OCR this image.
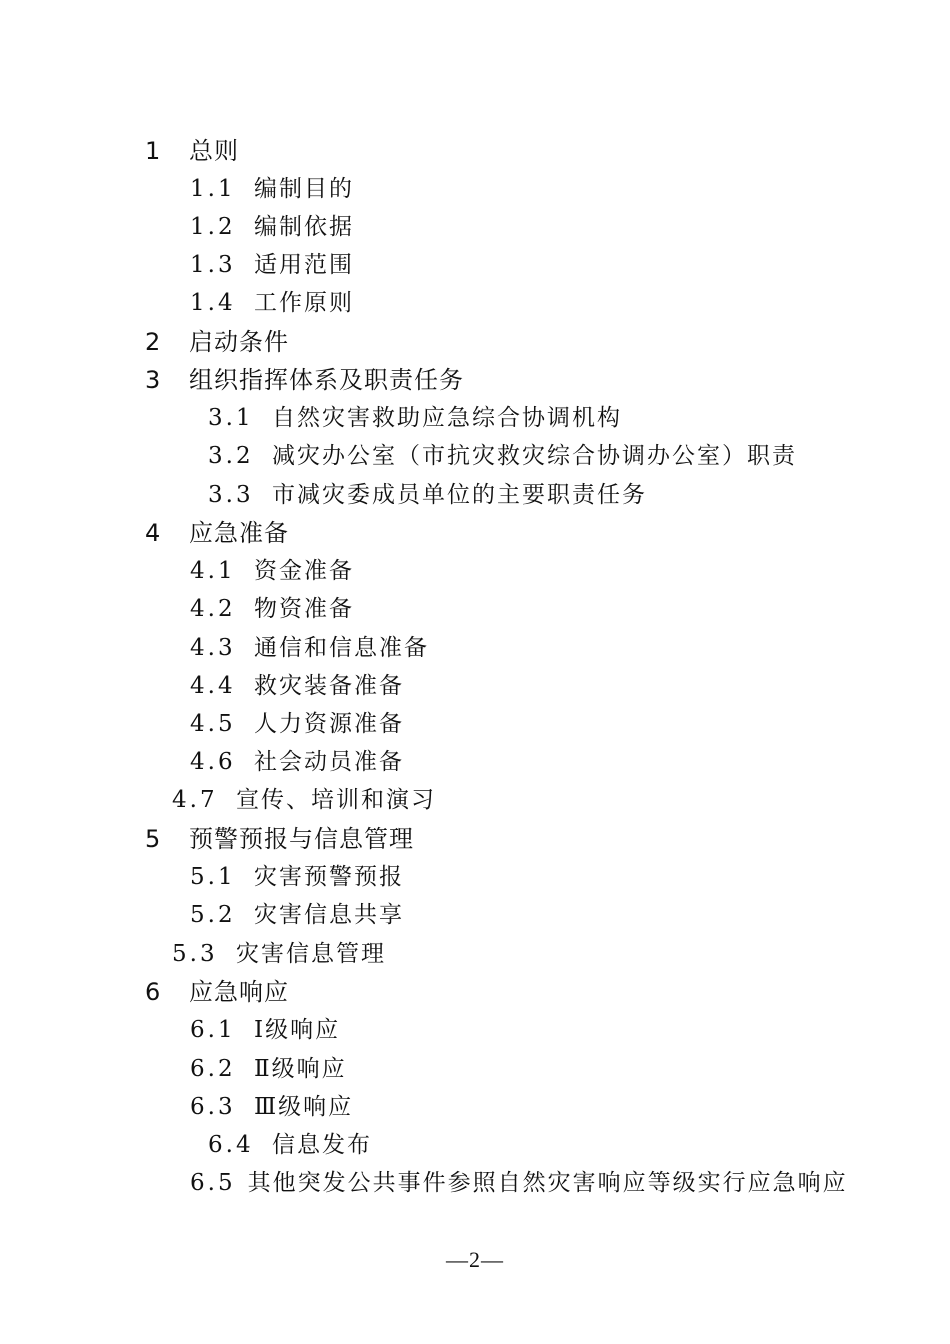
1 总则
1.1 编制目的
1.2 编制依据
1.3 适用范围
1.4 工作原则
2 启动条件
3 组织指挥体系及职责任务
3.1 自然灾害救助应急综合协调机构
3.2 减灾办公室（市抗灾救灾综合协调办公室）职责
3.3 市减灾委成员单位的主要职责任务
4 应急准备
4.1 资金准备
4.2 物资准备
4.3 通信和信息准备
4.4 救灾装备准备
4.5 人力资源准备
4.6 社会动员准备
4.7 宣传、培训和演习
5 预警预报与信息管理
5.1 灾害预警预报
5.2 灾害信息共享
5.3 灾害信息管理
6 应急响应
6.1 Ⅰ级响应
6.2 Ⅱ级响应
6.3 Ⅲ级响应
6.4 信息发布
6.5 其他突发公共事件参照自然灾害响应等级实行应急响应
—2—
